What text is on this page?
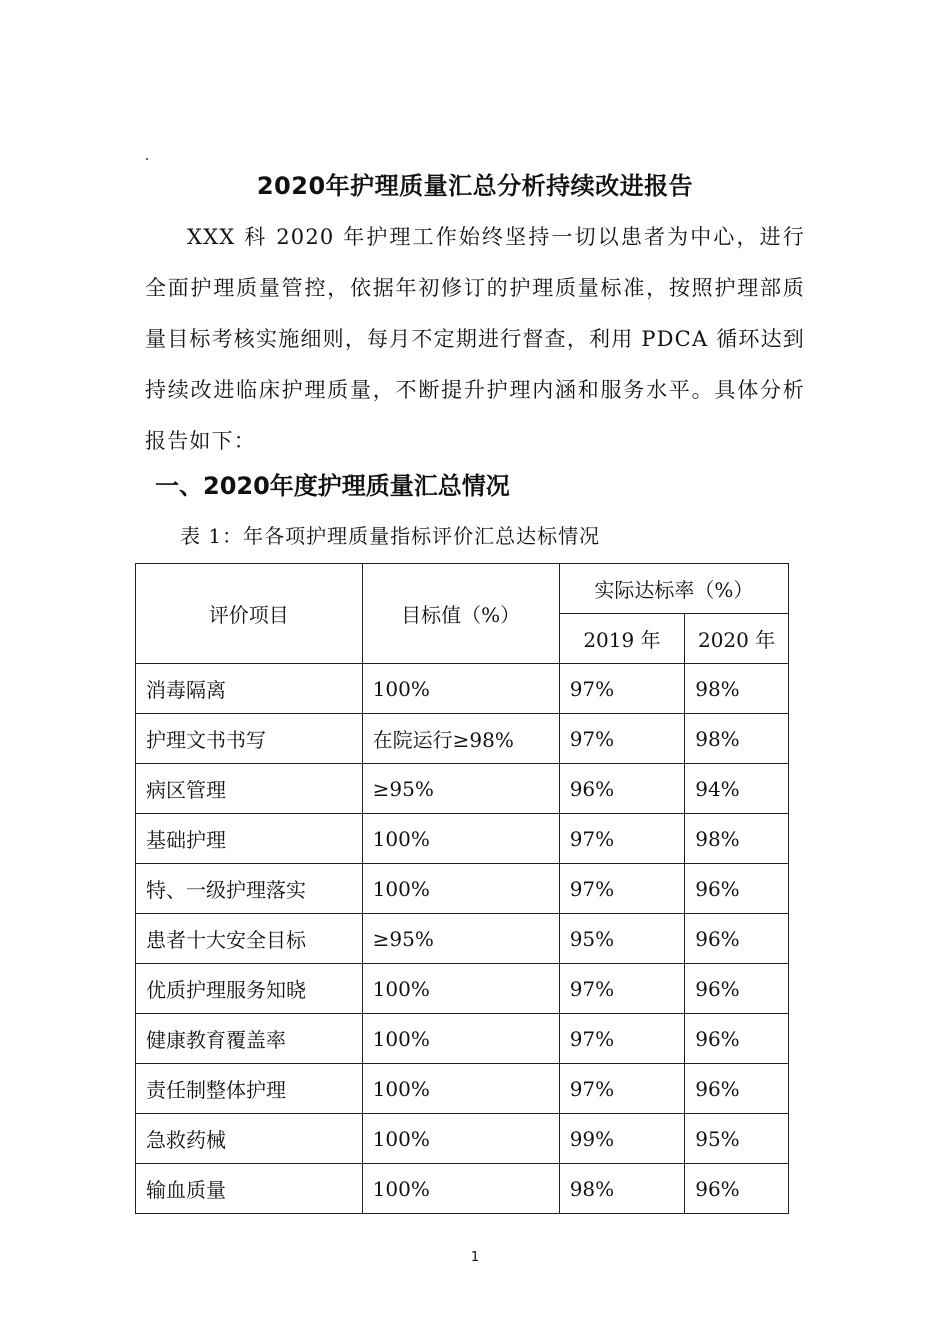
2020年护理质量汇总分析持续改进报告

XXX 科 2020 年护理工作始终坚持一切以患者为中心，进行全面护理质量管控，依据年初修订的护理质量标准，按照护理部质量目标考核实施细则，每月不定期进行督查，利用 PDCA 循环达到持续改进临床护理质量，不断提升护理内涵和服务水平。具体分析报告如下：

一、2020年度护理质量汇总情况
表 1：年各项护理质量指标评价汇总达标情况
评价项目	目标值（%）	实际达标率（%）	
		2019 年	2020 年
消毒隔离	100%	97%	98%
护理文书书写	在院运行≥98%	97%	98%
病区管理	≥95%	96%	94%
基础护理	100%	97%	98%
特、一级护理落实	100%	97%	96%
患者十大安全目标	≥95%	95%	96%
优质护理服务知晓	100%	97%	96%
健康教育覆盖率	100%	97%	96%
责任制整体护理	100%	97%	96%
急救药械	100%	99%	95%
输血质量	100%	98%	96%
1
